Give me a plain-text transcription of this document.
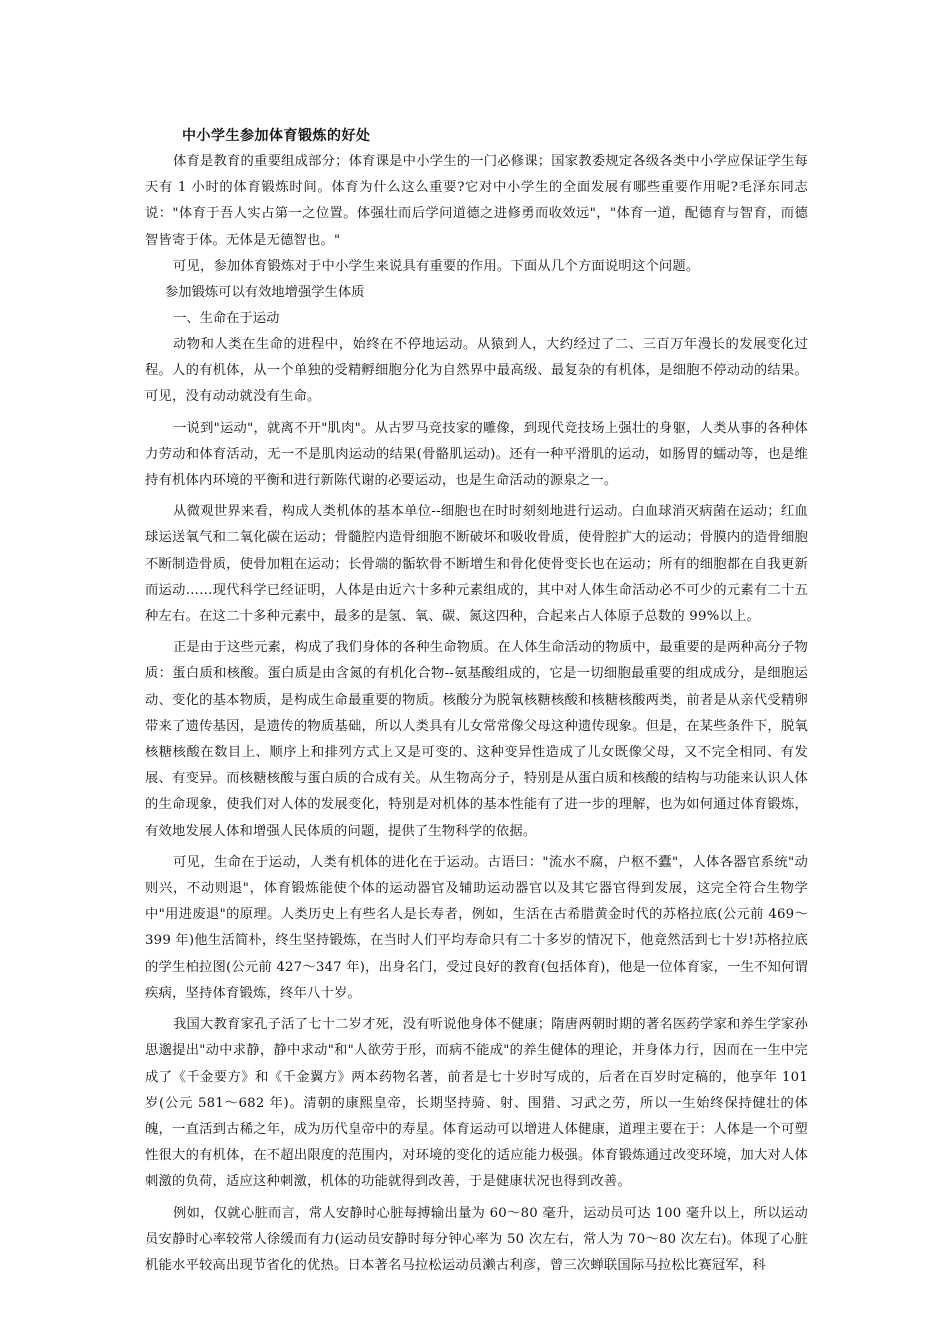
中小学生参加体育锻炼的好处

体育是教育的重要组成部分；体育课是中小学生的一门必修课；国家教委规定各级各类中小学应保证学生每天有 1 小时的体育锻炼时间。体育为什么这么重要?它对中小学生的全面发展有哪些重要作用呢?毛泽东同志说："体育于吾人实占第一之位置。体强壮而后学问道德之进修勇而收效远"，"体育一道，配德育与智育，而德智皆寄于体。无体是无德智也。"

可见，参加体育锻炼对于中小学生来说具有重要的作用。下面从几个方面说明这个问题。

参加锻炼可以有效地增强学生体质

一、生命在于运动

动物和人类在生命的进程中，始终在不停地运动。从猿到人，大约经过了二、三百万年漫长的发展变化过程。人的有机体，从一个单独的受精孵细胞分化为自然界中最高级、最复杂的有机体，是细胞不停动动的结果。可见，没有动动就没有生命。

一说到"运动"，就离不开"肌肉"。从古罗马竞技家的雕像，到现代竞技场上强壮的身躯，人类从事的各种体力劳动和体育活动，无一不是肌肉运动的结果(骨骼肌运动)。还有一种平滑肌的运动，如肠胃的蠕动等，也是维持有机体内环境的平衡和进行新陈代谢的必要运动，也是生命活动的源泉之一。

从微观世界来看，构成人类机体的基本单位--细胞也在时时刻刻地进行运动。白血球消灭病菌在运动；红血球运送氧气和二氧化碳在运动；骨髓腔内造骨细胞不断破坏和吸收骨质，使骨腔扩大的运动；骨膜内的造骨细胞不断制造骨质，使骨加粗在运动；长骨端的骺软骨不断增生和骨化使骨变长也在运动；所有的细胞都在自我更新而运动……现代科学已经证明，人体是由近六十多种元素组成的，其中对人体生命活动必不可少的元素有二十五种左右。在这二十多种元素中，最多的是氢、氧、碳、氮这四种，合起来占人体原子总数的 99%以上。

正是由于这些元素，构成了我们身体的各种生命物质。在人体生命活动的物质中，最重要的是两种高分子物质：蛋白质和核酸。蛋白质是由含氮的有机化合物--氨基酸组成的，它是一切细胞最重要的组成成分，是细胞运动、变化的基本物质，是构成生命最重要的物质。核酸分为脱氧核糖核酸和核糖核酸两类，前者是从亲代受精卵带来了遗传基因，是遗传的物质基础，所以人类具有儿女常常像父母这种遗传现象。但是，在某些条件下，脱氧核糖核酸在数目上、顺序上和排列方式上又是可变的、这种变异性造成了儿女既像父母，又不完全相同、有发展、有变异。而核糖核酸与蛋白质的合成有关。从生物高分子，特别是从蛋白质和核酸的结构与功能来认识人体的生命现象，使我们对人体的发展变化，特别是对机体的基本性能有了进一步的理解，也为如何通过体育锻炼，有效地发展人体和增强人民体质的问题，提供了生物科学的依据。

可见，生命在于运动，人类有机体的进化在于运动。古语曰："流水不腐，户枢不蠹"，人体各器官系统"动则兴，不动则退"，体育锻炼能使个体的运动器官及辅助运动器官以及其它器官得到发展，这完全符合生物学中"用进废退"的原理。人类历史上有些名人是长寿者，例如，生活在古希腊黄金时代的苏格拉底(公元前 469～399 年)他生活简朴，终生坚持锻炼，在当时人们平均寿命只有二十多岁的情况下，他竟然活到七十岁!苏格拉底的学生柏拉图(公元前 427～347 年)，出身名门，受过良好的教育(包括体育)，他是一位体育家，一生不知何谓疾病，坚持体育锻炼，终年八十岁。

我国大教育家孔子活了七十二岁才死，没有听说他身体不健康；隋唐两朝时期的著名医药学家和养生学家孙思邈提出"动中求静，静中求动"和"人欲劳于形，而病不能成"的养生健体的理论，并身体力行，因而在一生中完成了《千金要方》和《千金翼方》两本药物名著，前者是七十岁时写成的，后者在百岁时定稿的，他享年 101 岁(公元 581～682 年)。清朝的康熙皇帝，长期坚持骑、射、围猎、习武之劳，所以一生始终保持健壮的体魄，一直活到古稀之年，成为历代皇帝中的寿星。体育运动可以增进人体健康，道理主要在于：人体是一个可塑性很大的有机体，在不超出限度的范围内，对环境的变化的适应能力极强。体育锻炼通过改变环境，加大对人体刺激的负荷，适应这种刺激，机体的功能就得到改善，于是健康状况也得到改善。

例如，仅就心脏而言，常人安静时心脏每搏输出量为 60～80 毫升，运动员可达 100 毫升以上，所以运动员安静时心率较常人徐缓而有力(运动员安静时每分钟心率为 50 次左右，常人为 70～80 次左右)。体现了心脏机能水平较高出现节省化的优热。日本著名马拉松运动员濑古利彦，曾三次蝉联国际马拉松比赛冠军，科
